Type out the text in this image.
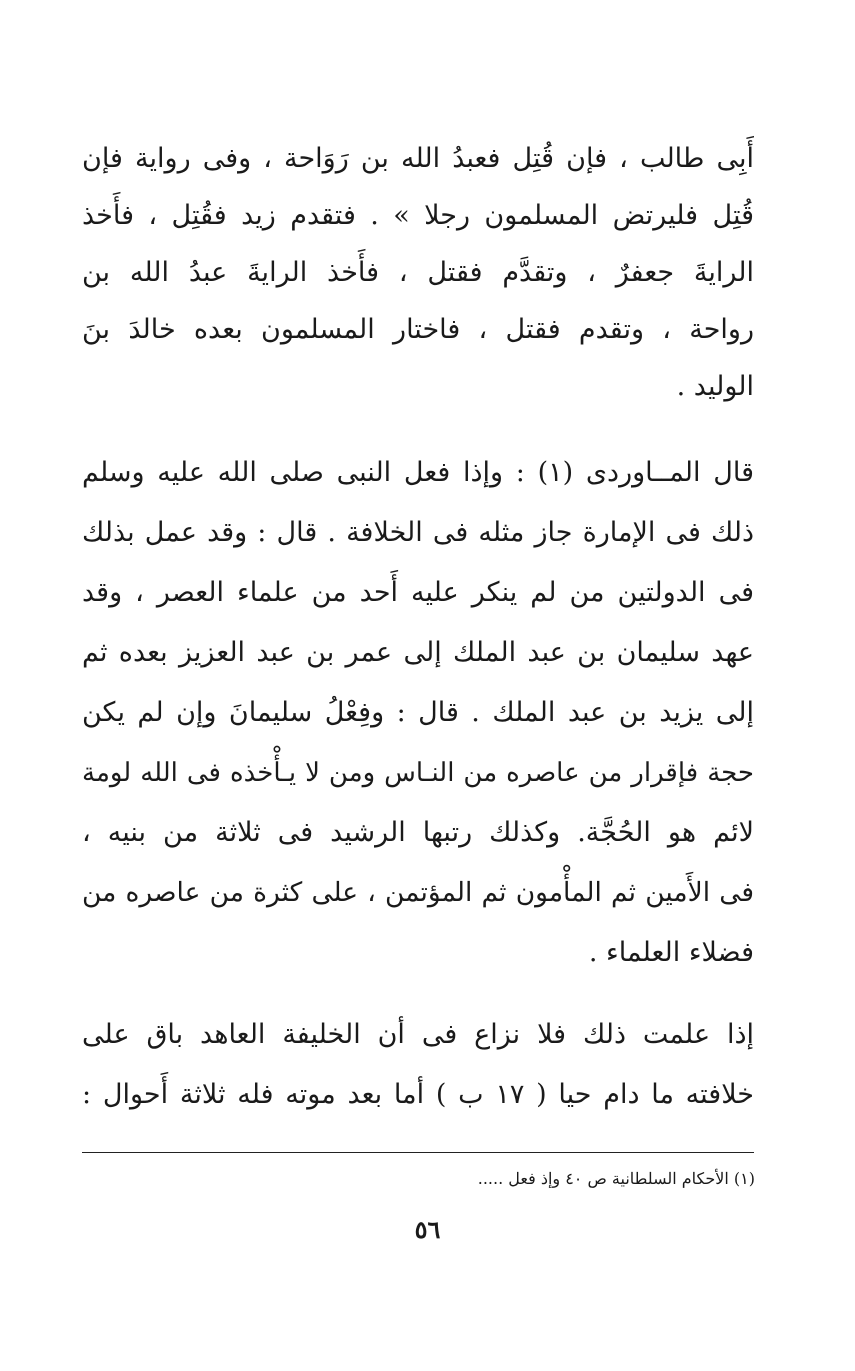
أَبِى طالب ، فإن قُتِل فعبدُ الله بن رَوَاحة ، وفى رواية فإن
قُتِل فليرتض المسلمون رجلا » . فتقدم زيد فقُتِل ، فأَخذ
الرايةَ جعفرٌ ، وتقدَّم فقتل ، فأَخذ الرايةَ عبدُ الله بن
رواحة ، وتقدم فقتل ، فاختار المسلمون بعده خالدَ بنَ
الوليد .
قال المــاوردى (١) : وإذا فعل النبى صلى الله عليه وسلم
ذلك فى الإمارة جاز مثله فى الخلافة . قال : وقد عمل بذلك
فى الدولتين من لم ينكر عليه أَحد من علماء العصر ، وقد
عهد سليمان بن عبد الملك إلى عمر بن عبد العزيز بعده ثم
إلى يزيد بن عبد الملك . قال : وفِعْلُ سليمانَ وإن لم يكن
حجة فإقرار من عاصره من النـاس ومن لا يـأْخذه فى الله لومة
لائم هو الحُجَّة. وكذلك رتبها الرشيد فى ثلاثة من بنيه ،
فى الأَمين ثم المأْمون ثم المؤتمن ، على كثرة من عاصره من
فضلاء العلماء .
إذا علمت ذلك فلا نزاع فى أن الخليفة العاهد باق على
خلافته ما دام حيا ( ١٧ ب ) أما بعد موته فله ثلاثة أَحوال :
(١) الأحكام السلطانية ص ٤٠ وإذ فعل .....
٥٦
